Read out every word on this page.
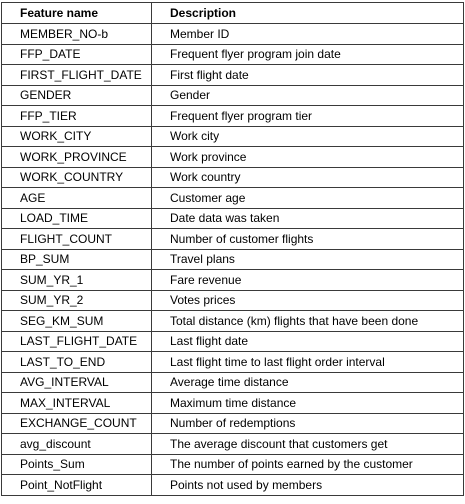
Feature name	Description
MEMBER_NO-b	Member ID
FFP_DATE	Frequent flyer program join date
FIRST_FLIGHT_DATE	First flight date
GENDER	Gender
FFP_TIER	Frequent flyer program tier
WORK_CITY	Work city
WORK_PROVINCE	Work province
WORK_COUNTRY	Work country
AGE	Customer age
LOAD_TIME	Date data was taken
FLIGHT_COUNT	Number of customer flights
BP_SUM	Travel plans
SUM_YR_1	Fare revenue
SUM_YR_2	Votes prices
SEG_KM_SUM	Total distance (km) flights that have been done
LAST_FLIGHT_DATE	Last flight date
LAST_TO_END	Last flight time to last flight order interval
AVG_INTERVAL	Average time distance
MAX_INTERVAL	Maximum time distance
EXCHANGE_COUNT	Number of redemptions
avg_discount	The average discount that customers get
Points_Sum	The number of points earned by the customer
Point_NotFlight	Points not used by members
